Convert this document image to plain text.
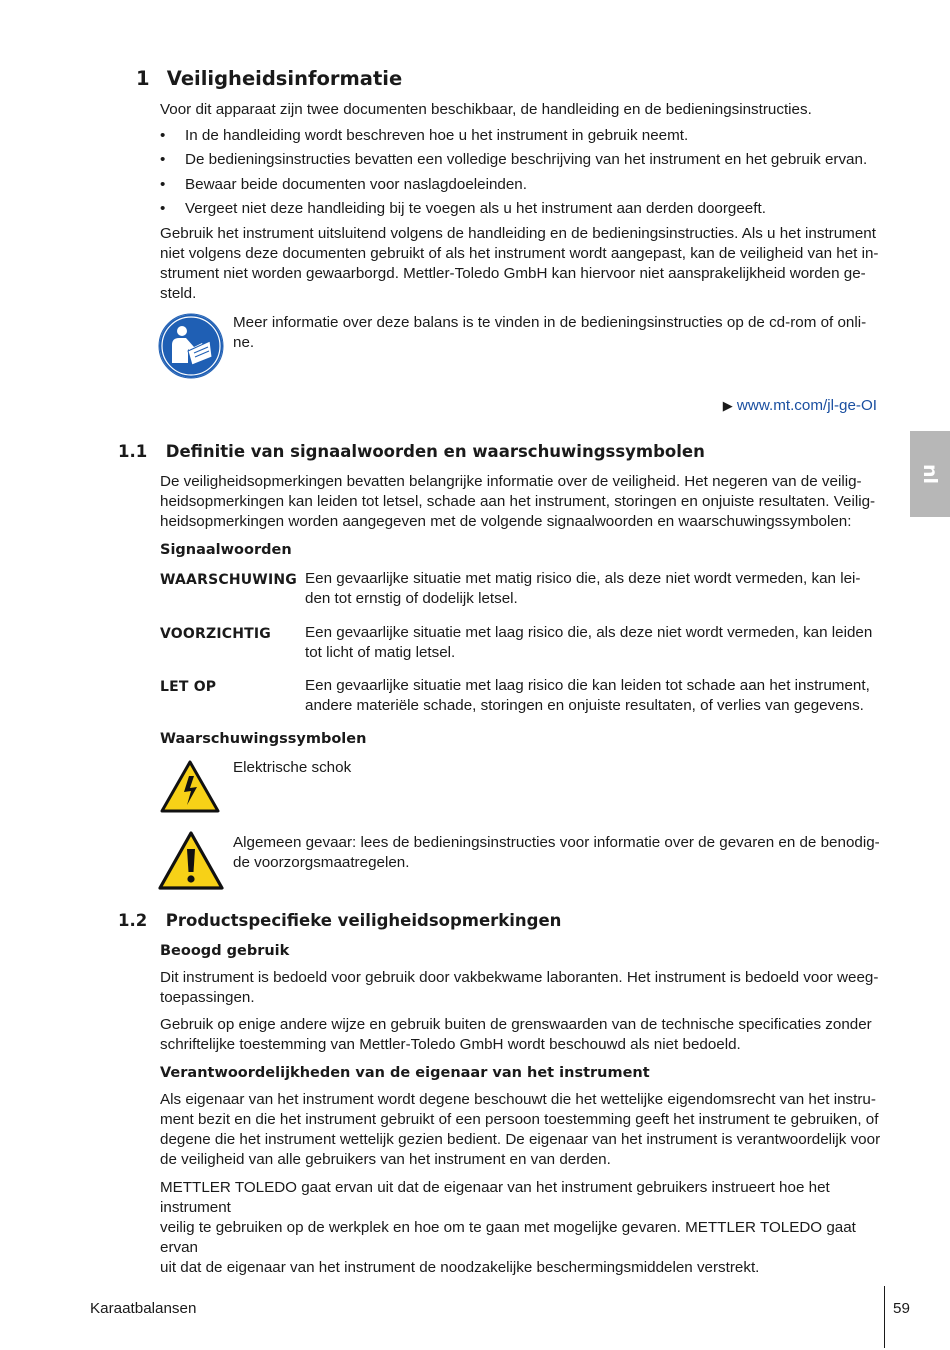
1 Veiligheidsinformatie

Voor dit apparaat zijn twee documenten beschikbaar, de handleiding en de bedieningsinstructies.

• In de handleiding wordt beschreven hoe u het instrument in gebruik neemt.
• De bedieningsinstructies bevatten een volledige beschrijving van het instrument en het gebruik ervan.
• Bewaar beide documenten voor naslagdoeleinden.
• Vergeet niet deze handleiding bij te voegen als u het instrument aan derden doorgeeft.

Gebruik het instrument uitsluitend volgens de handleiding en de bedieningsinstructies. Als u het instrument

niet volgens deze documenten gebruikt of als het instrument wordt aangepast, kan de veiligheid van het in-

strument niet worden gewaarborgd. Mettler-Toledo GmbH kan hiervoor niet aansprakelijkheid worden ge-

steld.

Meer informatie over deze balans is te vinden in de bedieningsinstructies op de cd-rom of onli-

ne.

▶ www.mt.com/jl-ge-OI
1.1 Definitie van signaalwoorden en waarschuwingssymbolen

De veiligheidsopmerkingen bevatten belangrijke informatie over de veiligheid. Het negeren van de veilig-

heidsopmerkingen kan leiden tot letsel, schade aan het instrument, storingen en onjuiste resultaten. Veilig-

heidsopmerkingen worden aangegeven met de volgende signaalwoorden en waarschuwingssymbolen:

Signaalwoorden
WAARSCHUWING Een gevaarlijke situatie met matig risico die, als deze niet wordt vermeden, kan lei-

den tot ernstig of dodelijk letsel.

VOORZICHTIG	Een gevaarlijke situatie met laag risico die, als deze niet wordt vermeden, kan leiden

tot licht of matig letsel.

LET OP	Een gevaarlijke situatie met laag risico die kan leiden tot schade aan het instrument,

andere materiële schade, storingen en onjuiste resultaten, of verlies van gegevens.

Waarschuwingssymbolen

Elektrische schok

Algemeen gevaar: lees de bedieningsinstructies voor informatie over de gevaren en de benodig-

de voorzorgsmaatregelen.

1.2 Productspecifieke veiligheidsopmerkingen
Beoogd gebruik

Dit instrument is bedoeld voor gebruik door vakbekwame laboranten. Het instrument is bedoeld voor weeg-

toepassingen.

Gebruik op enige andere wijze en gebruik buiten de grenswaarden van de technische specificaties zonder

schriftelijke toestemming van Mettler-Toledo GmbH wordt beschouwd als niet bedoeld.

Verantwoordelijkheden van de eigenaar van het instrument

Als eigenaar van het instrument wordt degene beschouwt die het wettelijke eigendomsrecht van het instru-

ment bezit en die het instrument gebruikt of een persoon toestemming geeft het instrument te gebruiken, of

degene die het instrument wettelijk gezien bedient. De eigenaar van het instrument is verantwoordelijk voor

de veiligheid van alle gebruikers van het instrument en van derden.

METTLER TOLEDO gaat ervan uit dat de eigenaar van het instrument gebruikers instrueert hoe het instrument

veilig te gebruiken op de werkplek en hoe om te gaan met mogelijke gevaren. METTLER TOLEDO gaat ervan

uit dat de eigenaar van het instrument de noodzakelijke beschermingsmiddelen verstrekt.

nl
Karaatbalansen	59
